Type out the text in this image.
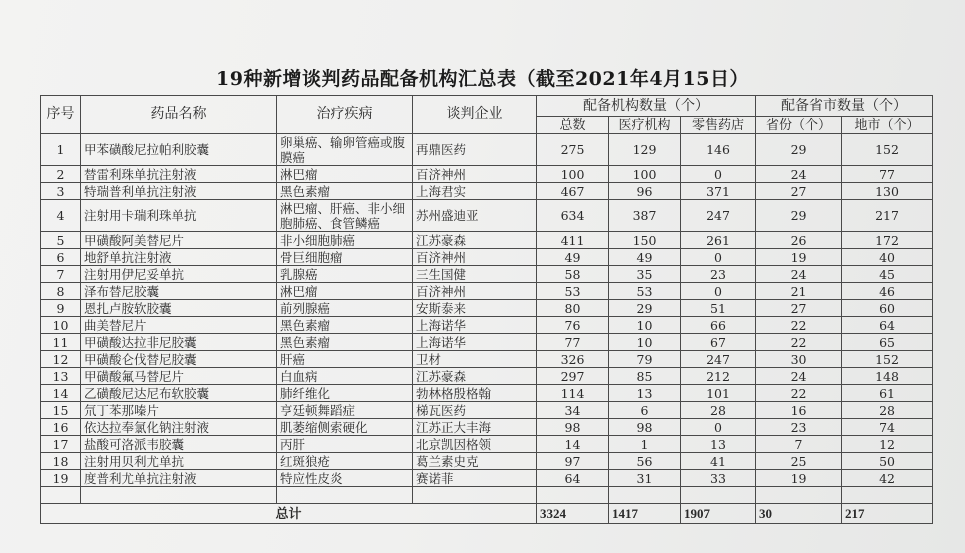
19种新增谈判药品配备机构汇总表（截至2021年4月15日）
序号	药品名称	治疗疾病	谈判企业	配备机构数量（个）			配备省市数量（个）	
				总数	医疗机构	零售药店	省份（个）	地市（个）
1	甲苯磺酸尼拉帕利胶囊	卵巢癌、输卵管癌或腹膜癌	再鼎医药	275	129	146	29	152
2	替雷利珠单抗注射液	淋巴瘤	百济神州	100	100	0	24	77
3	特瑞普利单抗注射液	黑色素瘤	上海君实	467	96	371	27	130
4	注射用卡瑞利珠单抗	淋巴瘤、肝癌、非小细胞肺癌、食管鳞癌	苏州盛迪亚	634	387	247	29	217
5	甲磺酸阿美替尼片	非小细胞肺癌	江苏豪森	411	150	261	26	172
6	地舒单抗注射液	骨巨细胞瘤	百济神州	49	49	0	19	40
7	注射用伊尼妥单抗	乳腺癌	三生国健	58	35	23	24	45
8	泽布替尼胶囊	淋巴瘤	百济神州	53	53	0	21	46
9	恩扎卢胺软胶囊	前列腺癌	安斯泰来	80	29	51	27	60
10	曲美替尼片	黑色素瘤	上海诺华	76	10	66	22	64
11	甲磺酸达拉非尼胶囊	黑色素瘤	上海诺华	77	10	67	22	65
12	甲磺酸仑伐替尼胶囊	肝癌	卫材	326	79	247	30	152
13	甲磺酸氟马替尼片	白血病	江苏豪森	297	85	212	24	148
14	乙磺酸尼达尼布软胶囊	肺纤维化	勃林格殷格翰	114	13	101	22	61
15	氘丁苯那嗪片	亨廷顿舞蹈症	梯瓦医药	34	6	28	16	28
16	依达拉奉氯化钠注射液	肌萎缩侧索硬化	江苏正大丰海	98	98	0	23	74
17	盐酸可洛派韦胶囊	丙肝	北京凯因格领	14	1	13	7	12
18	注射用贝利尤单抗	红斑狼疮	葛兰素史克	97	56	41	25	50
19	度普利尤单抗注射液	特应性皮炎	赛诺菲	64	31	33	19	42

总计				3324	1417	1907	30	217
